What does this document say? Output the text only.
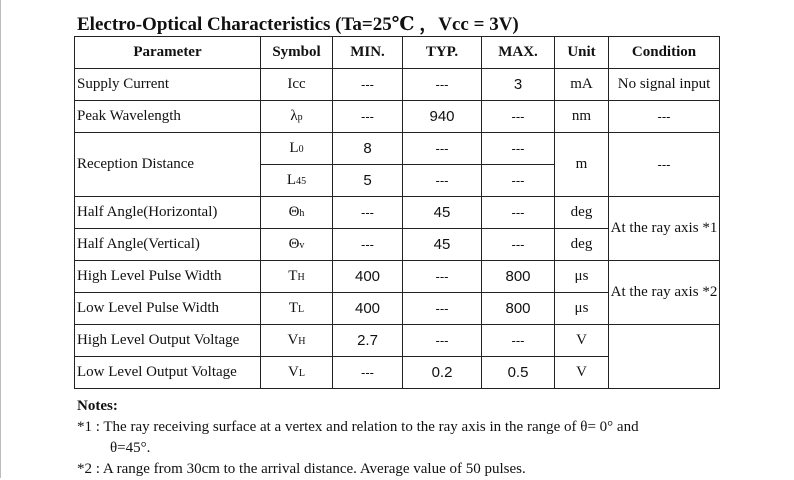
Electro-Optical Characteristics (Ta=25℃ ，Vcc = 3V)
Parameter	Symbol	MIN.	TYP.	MAX.	Unit	Condition
Supply Current	Icc	---	---	3	mA	No signal input
Peak Wavelength	λp	---	940	---	nm	---
Reception Distance	L0	8	---	---	m	---
	L45	5	---	---		
Half Angle(Horizontal)	Θh	---	45	---	deg	At the ray axis *1
Half Angle(Vertical)	Θv	---	45	---	deg	
High Level Pulse Width	TH	400	---	800	μs	At the ray axis *2
Low Level Pulse Width	TL	400	---	800	μs	
High Level Output Voltage	VH	2.7	---	---	V	
Low Level Output Voltage	VL	---	0.2	0.5	V	
Notes:
*1 : The ray receiving surface at a vertex and relation to the ray axis in the range of θ= 0° and
θ=45°.
*2 : A range from 30cm to the arrival distance. Average value of 50 pulses.
